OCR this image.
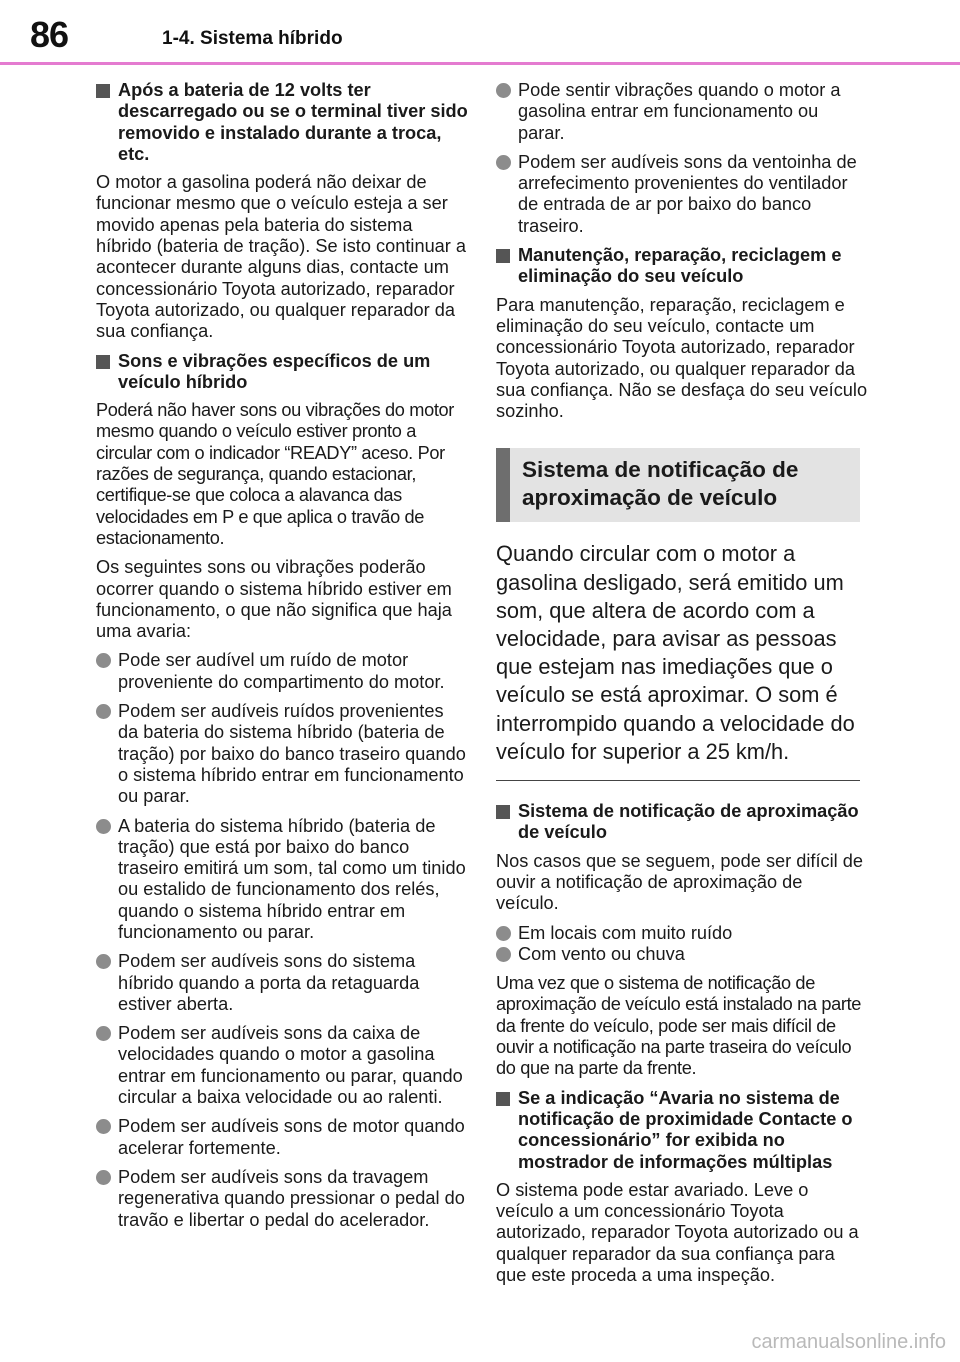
86	1-4. Sistema híbrido
Após a bateria de 12 volts ter descarregado ou se o terminal tiver sido removido e instalado durante a troca, etc.

O motor a gasolina poderá não deixar de funcionar mesmo que o veículo esteja a ser movido apenas pela bateria do sistema híbrido (bateria de tração). Se isto continuar a acontecer durante alguns dias, contacte um concessionário Toyota autorizado, reparador Toyota autorizado, ou qualquer reparador da sua confiança.

Sons e vibrações específicos de um veículo híbrido

Poderá não haver sons ou vibrações do motor mesmo quando o veículo estiver pronto a circular com o indicador “READY” aceso. Por razões de segurança, quando estacionar, certifique-se que coloca a alavanca das velocidades em P e que aplica o travão de estacionamento.

Os seguintes sons ou vibrações poderão ocorrer quando o sistema híbrido estiver em funcionamento, o que não significa que haja uma avaria:

Pode ser audível um ruído de motor proveniente do compartimento do motor.
Podem ser audíveis ruídos provenientes da bateria do sistema híbrido (bateria de tração) por baixo do banco traseiro quando o sistema híbrido entrar em funcionamento ou parar.
A bateria do sistema híbrido (bateria de tração) que está por baixo do banco traseiro emitirá um som, tal como um tinido ou estalido de funcionamento dos relés, quando o sistema híbrido entrar em funcionamento ou parar.
Podem ser audíveis sons do sistema híbrido quando a porta da retaguarda estiver aberta.
Podem ser audíveis sons da caixa de velocidades quando o motor a gasolina entrar em funcionamento ou parar, quando circular a baixa velocidade ou ao ralenti.
Podem ser audíveis sons de motor quando acelerar fortemente.
Podem ser audíveis sons da travagem regenerativa quando pressionar o pedal do travão e libertar o pedal do acelerador.
Pode sentir vibrações quando o motor a gasolina entrar em funcionamento ou parar.
Podem ser audíveis sons da ventoinha de arrefecimento provenientes do ventilador de entrada de ar por baixo do banco traseiro.
Manutenção, reparação, reciclagem e eliminação do seu veículo

Para manutenção, reparação, reciclagem e eliminação do seu veículo, contacte um concessionário Toyota autorizado, reparador Toyota autorizado, ou qualquer reparador da sua confiança. Não se desfaça do seu veículo sozinho.

Sistema de notificação de aproximação de veículo

Quando circular com o motor a gasolina desligado, será emitido um som, que altera de acordo com a velocidade, para avisar as pessoas que estejam nas imediações que o veículo se está aproximar. O som é interrompido quando a velocidade do veículo for superior a 25 km/h.

Sistema de notificação de aproximação de veículo

Nos casos que se seguem, pode ser difícil de ouvir a notificação de aproximação de veículo.

Em locais com muito ruído
Com vento ou chuva

Uma vez que o sistema de notificação de aproximação de veículo está instalado na parte da frente do veículo, pode ser mais difícil de ouvir a notificação na parte traseira do veículo do que na parte da frente.

Se a indicação “Avaria no sistema de notificação de proximidade Contacte o concessionário” for exibida no mostrador de informações múltiplas

O sistema pode estar avariado. Leve o veículo a um concessionário Toyota autorizado, reparador Toyota autorizado ou a qualquer reparador da sua confiança para que este proceda a uma inspeção.

carmanualsonline.info
